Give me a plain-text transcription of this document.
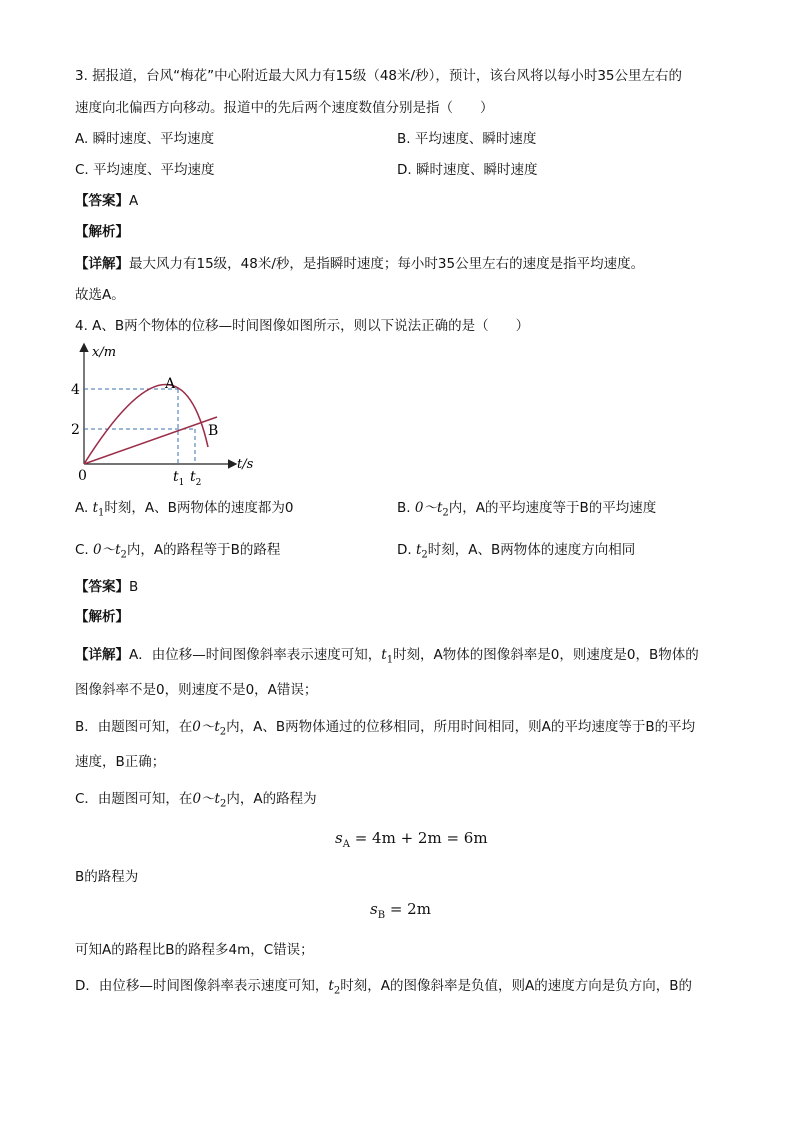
3. 据报道，台风“梅花”中心附近最大风力有15级（48米/秒），预计，该台风将以每小时35公里左右的
速度向北偏西方向移动。报道中的先后两个速度数值分别是指（　　）
A. 瞬时速度、平均速度	B. 平均速度、瞬时速度
C. 平均速度、平均速度	D. 瞬时速度、瞬时速度
【答案】A
【解析】
【详解】最大风力有15级，48米/秒，是指瞬时速度；每小时35公里左右的速度是指平均速度。
故选A。
4. A、B两个物体的位移—时间图像如图所示，则以下说法正确的是（　　）
x/m
t/s
4
2
0	$t_1$ $t_2$
A
B
A. $t_1$时刻，A、B两物体的速度都为0	B. $0\sim t_2$内，A的平均速度等于B的平均速度
C. $0\sim t_2$内，A的路程等于B的路程	D. $t_2$时刻，A、B两物体的速度方向相同
【答案】B
【解析】
【详解】A．由位移—时间图像斜率表示速度可知，$t_1$时刻，A物体的图像斜率是0，则速度是0，B物体的
图像斜率不是0，则速度不是0，A错误；
B．由题图可知，在$0\sim t_2$内，A、B两物体通过的位移相同，所用时间相同，则A的平均速度等于B的平均
速度，B正确；
C．由题图可知，在$0\sim t_2$内，A的路程为
$s_A = 4m + 2m = 6m$
B的路程为
$s_B = 2m$
可知A的路程比B的路程多4m，C错误；
D．由位移—时间图像斜率表示速度可知，$t_2$时刻，A的图像斜率是负值，则A的速度方向是负方向，B的
